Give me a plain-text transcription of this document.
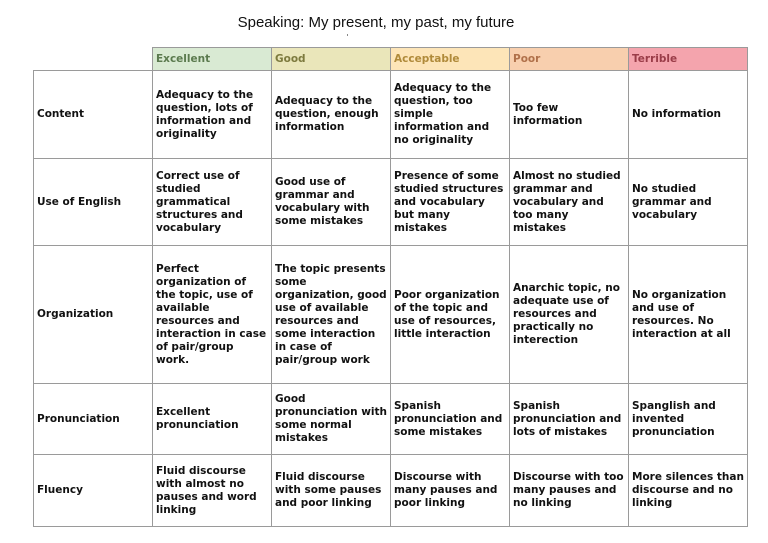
Speaking: My present, my past, my future
	Excellent	Good	Acceptable	Poor	Terrible
Content	Adequacy to the question, lots of information and originality	Adequacy to the question, enough information	Adequacy to the question, too simple information and no originality	Too few information	No information
Use of English	Correct use of studied grammatical structures and vocabulary	Good use of grammar and vocabulary with some mistakes	Presence of some studied structures and vocabulary but many mistakes	Almost no studied grammar and vocabulary and too many mistakes	No studied grammar and vocabulary
Organization	Perfect organization of the topic, use of available resources and interaction in case of pair/group work.	The topic presents some organization, good use of available resources and some interaction in case of pair/group work	Poor organization of the topic and use of resources, little interaction	Anarchic topic, no adequate use of resources and practically no interection	No organization and use of resources. No interaction at all
Pronunciation	Excellent pronunciation	Good pronunciation with some normal mistakes	Spanish pronunciation and some mistakes	Spanish pronunciation and lots of mistakes	Spanglish and invented pronunciation
Fluency	Fluid discourse with almost no pauses and word linking	Fluid discourse with some pauses and poor linking	Discourse with many pauses and poor linking	Discourse with too many pauses and no linking	More silences than discourse and no linking
